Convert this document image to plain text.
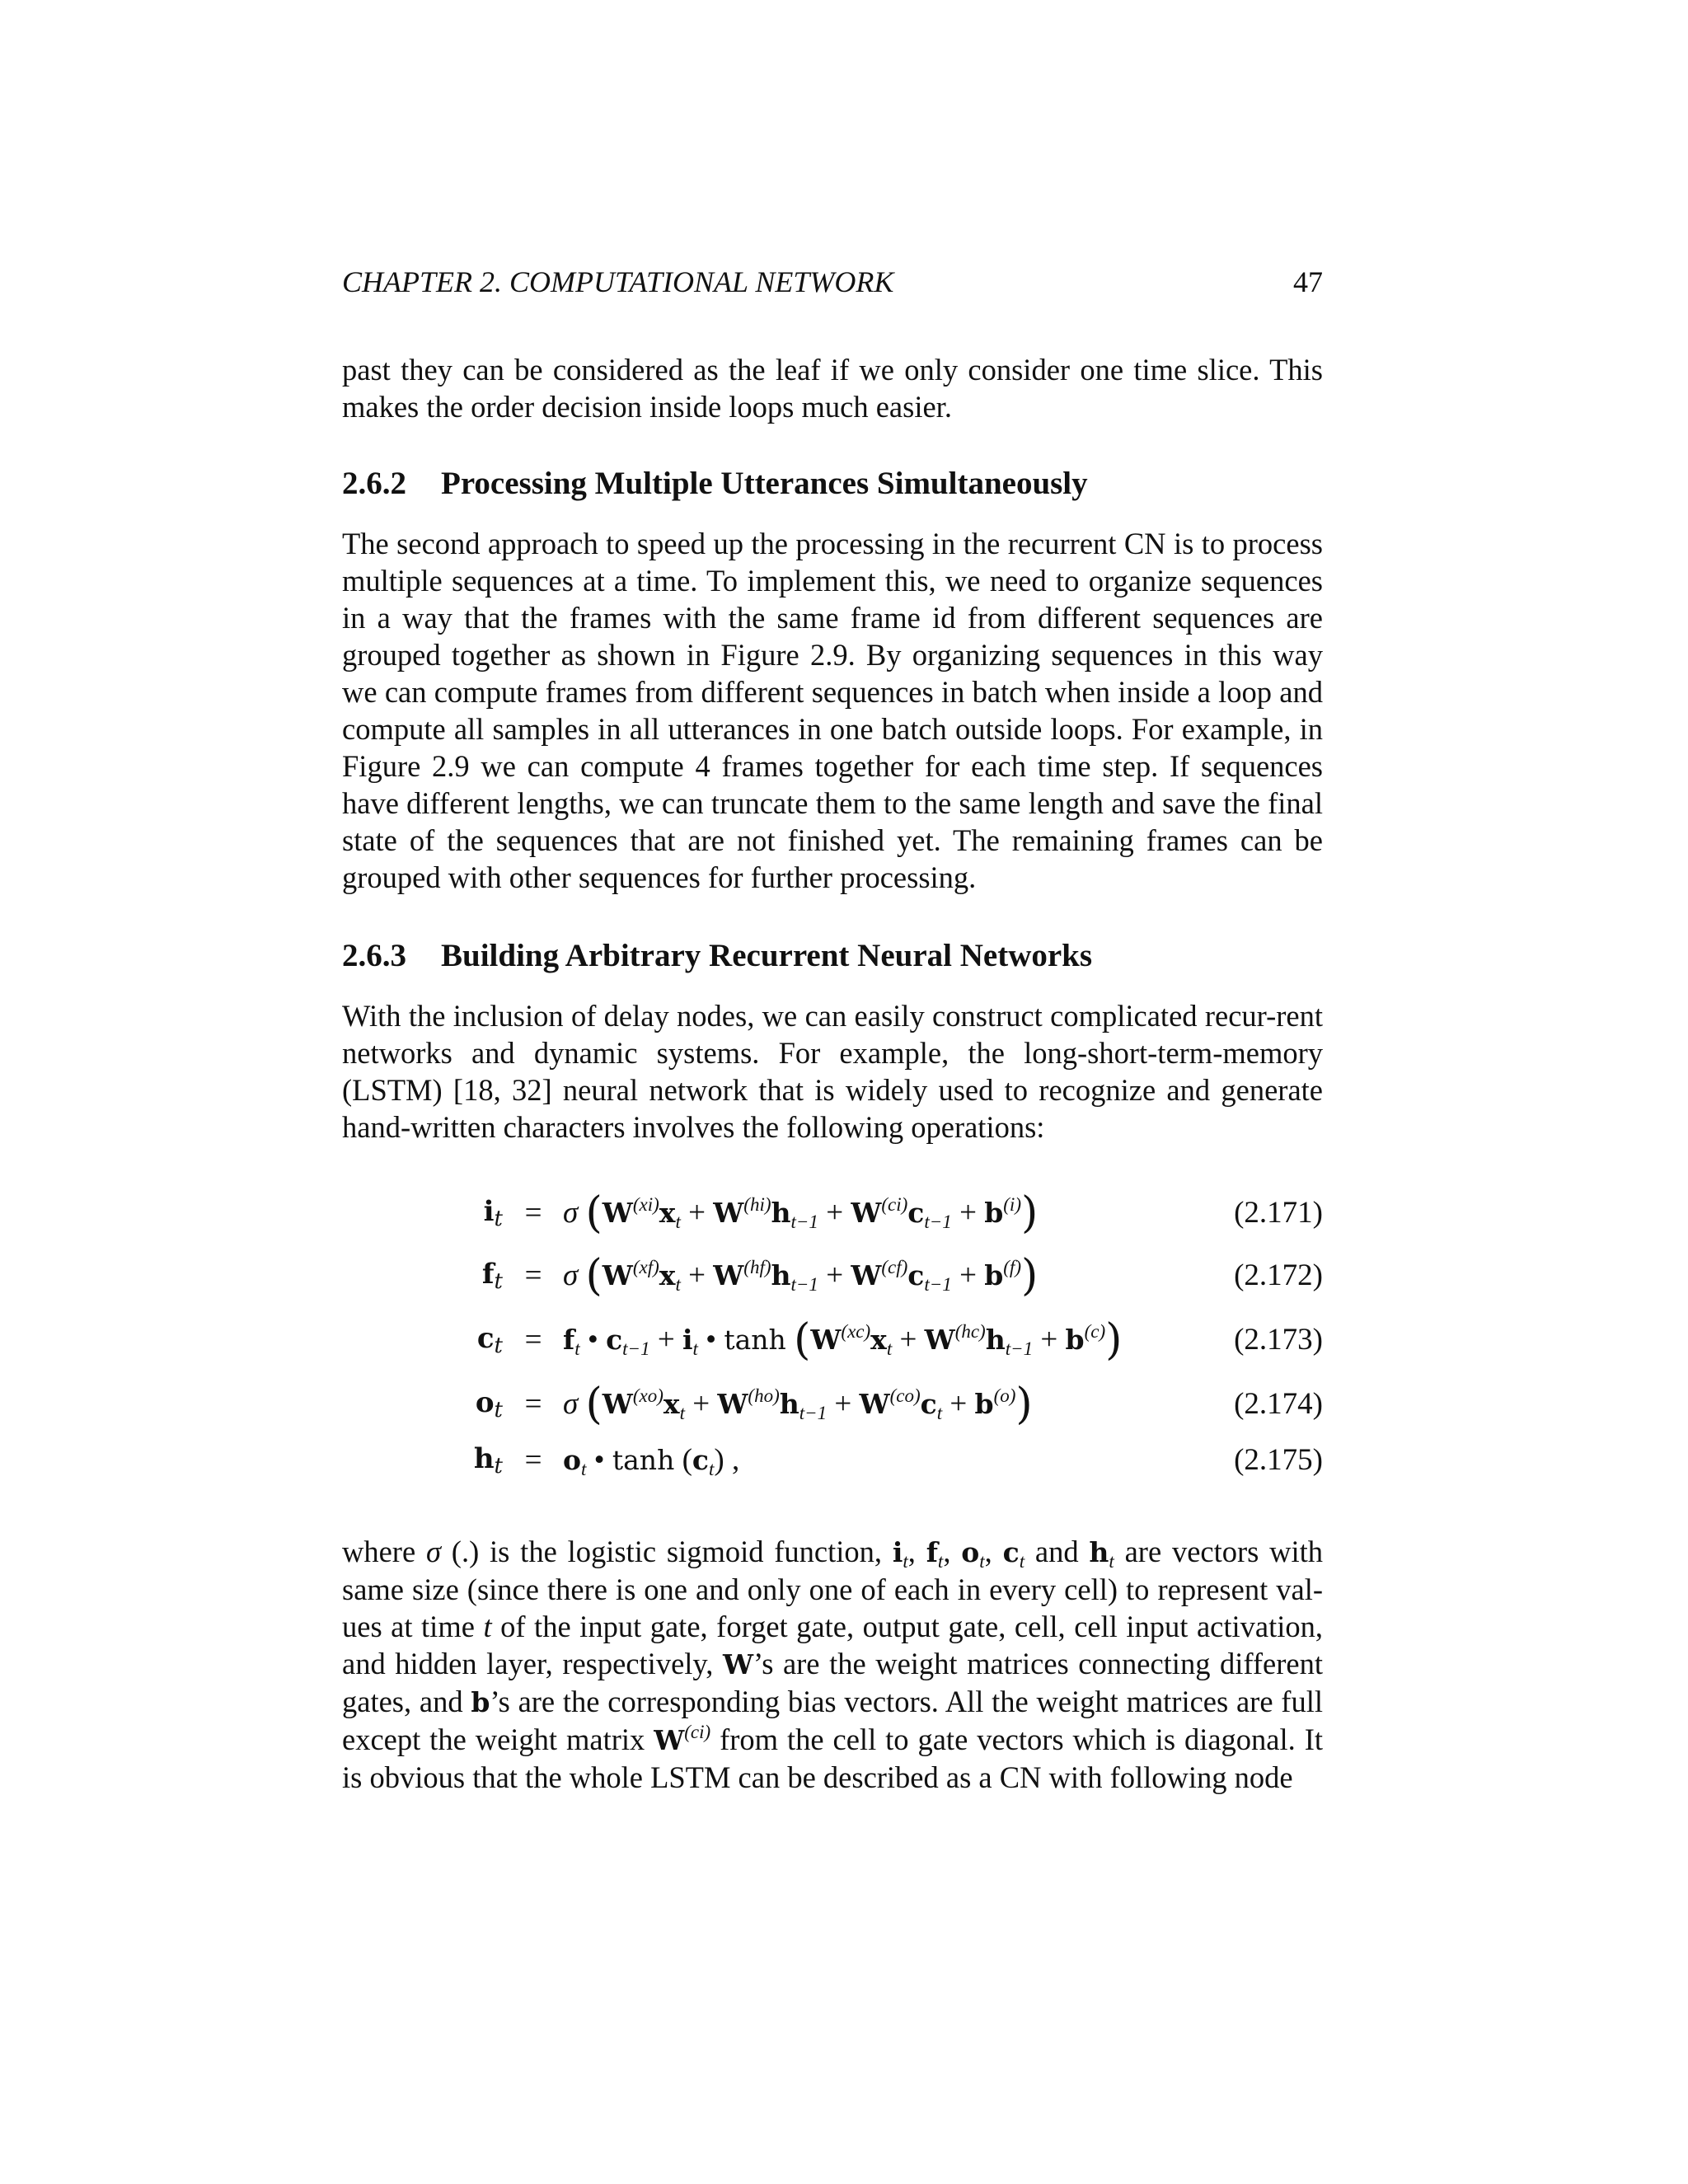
CHAPTER 2. COMPUTATIONAL NETWORK	47

past they can be considered as the leaf if we only consider one time slice. This makes the order decision inside loops much easier.

2.6.2 Processing Multiple Utterances Simultaneously

The second approach to speed up the processing in the recurrent CN is to process multiple sequences at a time. To implement this, we need to organize sequences in a way that the frames with the same frame id from different sequences are grouped together as shown in Figure 2.9. By organizing sequences in this way we can compute frames from different sequences in batch when inside a loop and compute all samples in all utterances in one batch outside loops. For example, in Figure 2.9 we can compute 4 frames together for each time step. If sequences have different lengths, we can truncate them to the same length and save the final state of the sequences that are not finished yet. The remaining frames can be grouped with other sequences for further processing.

2.6.3 Building Arbitrary Recurrent Neural Networks

With the inclusion of delay nodes, we can easily construct complicated recur-rent networks and dynamic systems. For example, the long-short-term-memory (LSTM) [18, 32] neural network that is widely used to recognize and generate hand-written characters involves the following operations:

it = σ $(W^{(xi)}x_t + W^{(hi)}h_{t-1} + W^{(ci)}c_{t-1} + b^{(i)})$	(2.171)
ft = σ $(W^{(xf)}x_t + W^{(hf)}h_{t-1} + W^{(cf)}c_{t-1} + b^{(f)})$	(2.172)
ct = $f_t$ • $c_{t-1} + i_t$ • $\tanh (W^{(xc)}x_t + W^{(hc)}h_{t-1} + b^{(c)})$	(2.173)
ot = σ $(W^{(xo)}x_t + W^{(ho)}h_{t-1} + W^{(co)}c_t + b^{(o)})$	(2.174)
ht = $o_t$ • $\tanh (c_t)$ ,	(2.175)

where σ (.) is the logistic sigmoid function, $i_t$, $f_t$, $o_t$, $c_t$ and $h_t$ are vectors with same size (since there is one and only one of each in every cell) to represent val-ues at time t of the input gate, forget gate, output gate, cell, cell input activation, and hidden layer, respectively, W’s are the weight matrices connecting different gates, and b’s are the corresponding bias vectors. All the weight matrices are full except the weight matrix $W^{(ci)}$ from the cell to gate vectors which is diagonal. It is obvious that the whole LSTM can be described as a CN with following node
